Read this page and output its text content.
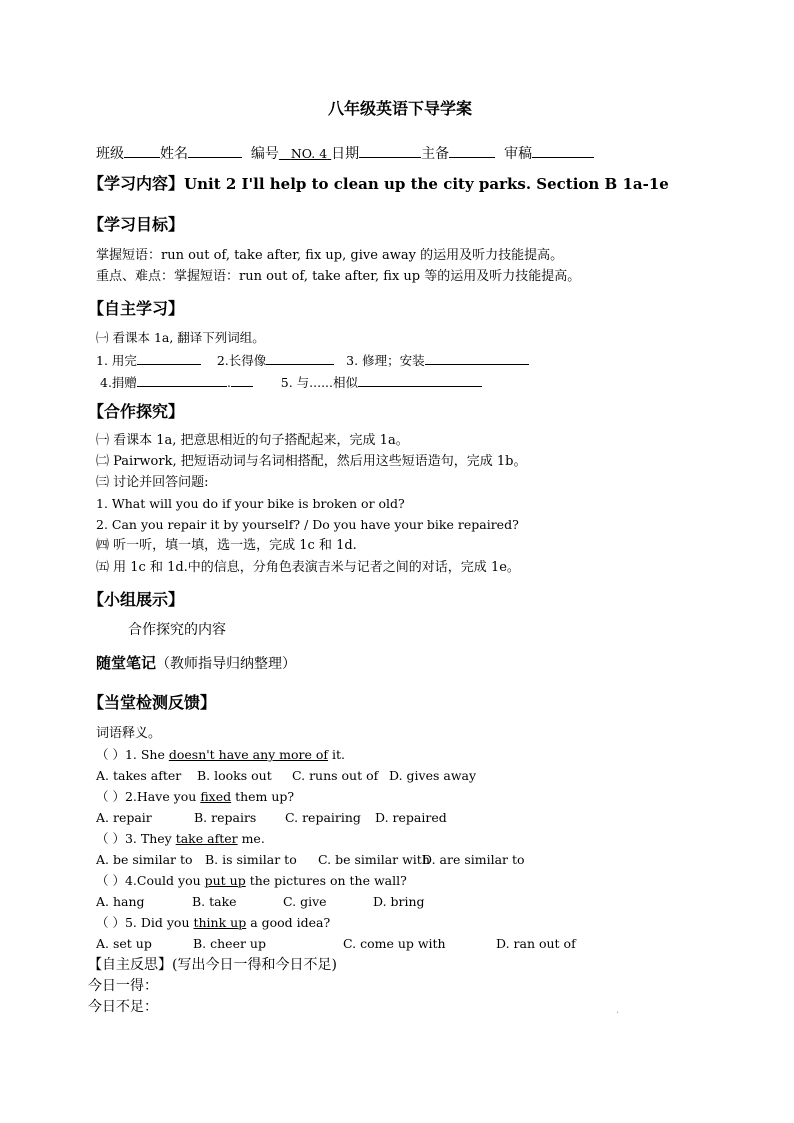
八年级英语下导学案
班级	姓名	编号 NO. 4 日期	主备	审稿
【学习内容】Unit 2 I'll help to clean up the city parks. Section B 1a-1e
【学习目标】
掌握短语：run out of, take after, fix up, give away 的运用及听力技能提高。
重点、难点：掌握短语：run out of, take after, fix up 等的运用及听力技能提高。
【自主学习】
㈠ 看课本 1a, 翻译下列词组。
1. 用完	2.长得像	3. 修理；安装
4.捐赠	.	5. 与......相似
【合作探究】
㈠ 看课本 1a, 把意思相近的句子搭配起来，完成 1a。
㈡ Pairwork, 把短语动词与名词相搭配，然后用这些短语造句，完成 1b。
㈢ 讨论并回答问题:
1. What will you do if your bike is broken or old?
2. Can you repair it by yourself? / Do you have your bike repaired?
㈣ 听一听，填一填，选一选，完成 1c 和 1d.
㈤ 用 1c 和 1d.中的信息，分角色表演吉米与记者之间的对话，完成 1e。
【小组展示】
合作探究的内容
随堂笔记（教师指导归纳整理）
【当堂检测反馈】
词语释义。
（ ）1. She doesn't have any more of it.
A. takes after B. looks out C. runs out of D. gives away
（ ）2.Have you fixed them up?
A. repair	B. repairs C. repairing D. repaired
（ ）3. They take after me.
A. be similar to B. is similar to C. be similar with
D. are similar to
（ ）4.Could you put up the pictures on the wall?
A. hang	B. take	C. give	D. bring
（ ）5. Did you think up a good idea?
A. set up	B. cheer up	C. come up with	D. ran out of
【自主反思】(写出今日一得和今日不足)
今日一得：
今日不足：	.
